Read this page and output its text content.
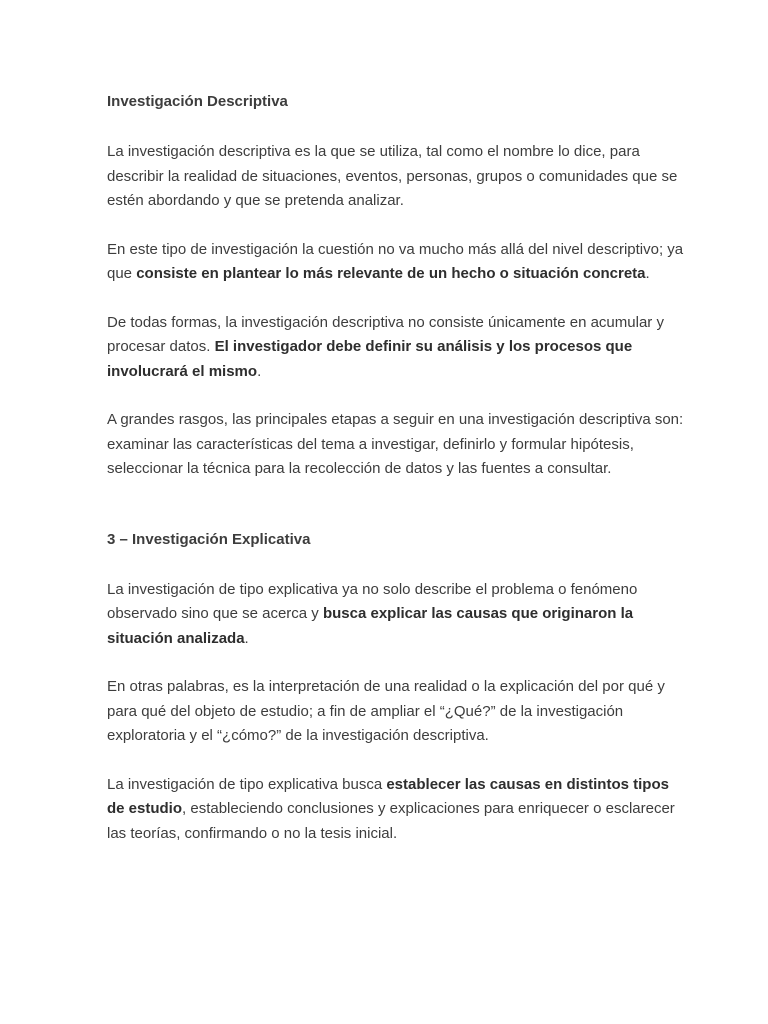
Investigación Descriptiva

La investigación descriptiva es la que se utiliza, tal como el nombre lo dice, para describir la realidad de situaciones, eventos, personas, grupos o comunidades que se estén abordando y que se pretenda analizar.

En este tipo de investigación la cuestión no va mucho más allá del nivel descriptivo; ya que consiste en plantear lo más relevante de un hecho o situación concreta.

De todas formas, la investigación descriptiva no consiste únicamente en acumular y procesar datos. El investigador debe definir su análisis y los procesos que involucrará el mismo.

A grandes rasgos, las principales etapas a seguir en una investigación descriptiva son: examinar las características del tema a investigar, definirlo y formular hipótesis, seleccionar la técnica para la recolección de datos y las fuentes a consultar.

3 – Investigación Explicativa

La investigación de tipo explicativa ya no solo describe el problema o fenómeno observado sino que se acerca y busca explicar las causas que originaron la situación analizada.

En otras palabras, es la interpretación de una realidad o la explicación del por qué y para qué del objeto de estudio; a fin de ampliar el “¿Qué?” de la investigación exploratoria y el “¿cómo?” de la investigación descriptiva.

La investigación de tipo explicativa busca establecer las causas en distintos tipos de estudio, estableciendo conclusiones y explicaciones para enriquecer o esclarecer las teorías, confirmando o no la tesis inicial.
